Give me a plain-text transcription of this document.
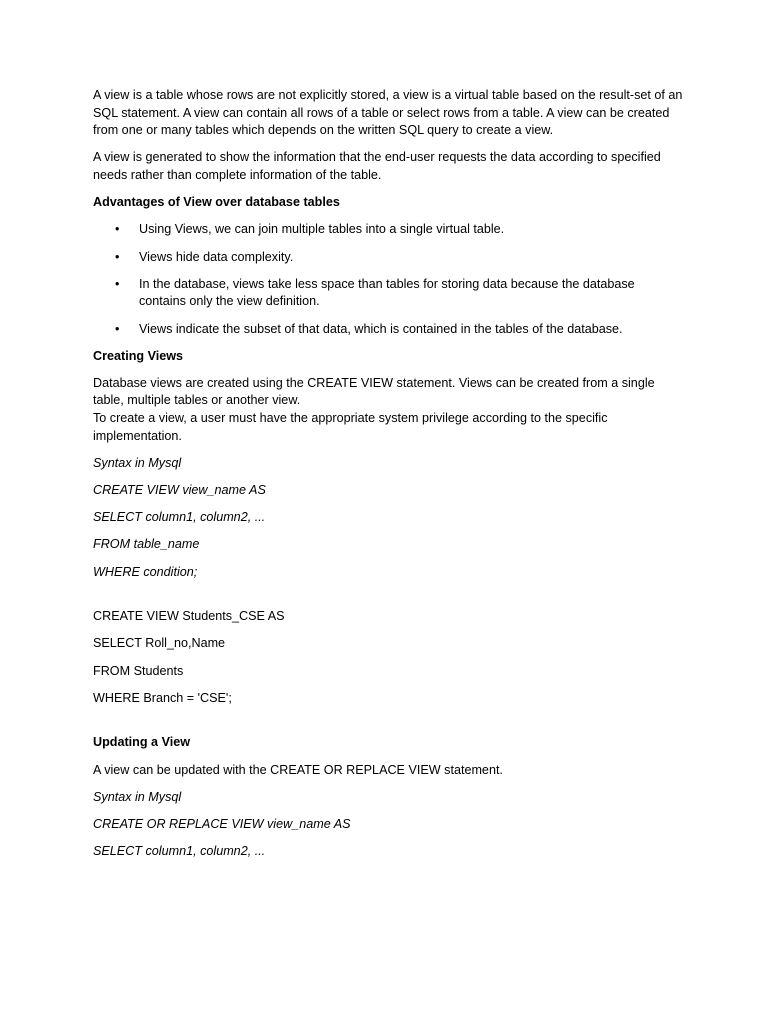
A view is a table whose rows are not explicitly stored, a view is a virtual table based on the result-set of an SQL statement. A view can contain all rows of a table or select rows from a table. A view can be created from one or many tables which depends on the written SQL query to create a view.

A view is generated to show the information that the end-user requests the data according to specified needs rather than complete information of the table.

Advantages of View over database tables

• Using Views, we can join multiple tables into a single virtual table.
• Views hide data complexity.
• In the database, views take less space than tables for storing data because the database contains only the view definition.
• Views indicate the subset of that data, which is contained in the tables of the database.

Creating Views

Database views are created using the CREATE VIEW statement. Views can be created from a single table, multiple tables or another view.
To create a view, a user must have the appropriate system privilege according to the specific implementation.

Syntax in Mysql

CREATE VIEW view_name AS

SELECT column1, column2, ...

FROM table_name

WHERE condition;

CREATE VIEW Students_CSE AS

SELECT Roll_no,Name

FROM Students

WHERE Branch = 'CSE';

Updating a View

A view can be updated with the CREATE OR REPLACE VIEW statement.

Syntax in Mysql

CREATE OR REPLACE VIEW view_name AS

SELECT column1, column2, ...
